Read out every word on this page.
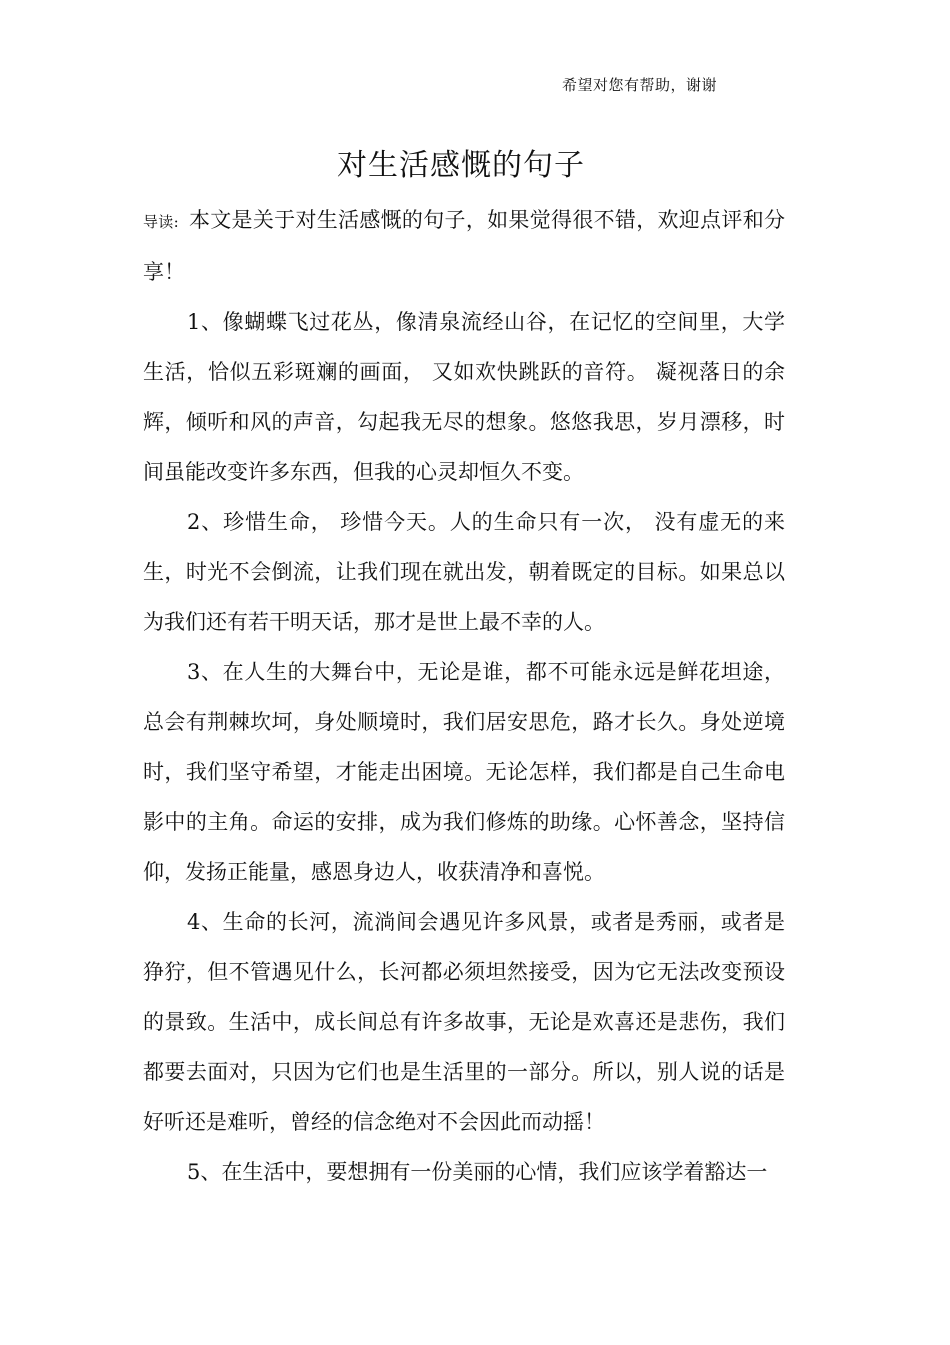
希望对您有帮助，谢谢
对生活感慨的句子

导读: 本文是关于对生活感慨的句子，如果觉得很不错，欢迎点评和分享！

1、像蝴蝶飞过花丛，像清泉流经山谷，在记忆的空间里，大学生活，恰似五彩斑斓的画面， 又如欢快跳跃的音符。 凝视落日的余辉，倾听和风的声音，勾起我无尽的想象。悠悠我思，岁月漂移，时间虽能改变许多东西，但我的心灵却恒久不变。

2、珍惜生命， 珍惜今天。人的生命只有一次， 没有虚无的来生，时光不会倒流，让我们现在就出发，朝着既定的目标。如果总以为我们还有若干明天话，那才是世上最不幸的人。

3、在人生的大舞台中，无论是谁，都不可能永远是鲜花坦途，总会有荆棘坎坷，身处顺境时，我们居安思危，路才长久。身处逆境时，我们坚守希望，才能走出困境。无论怎样，我们都是自己生命电影中的主角。命运的安排，成为我们修炼的助缘。心怀善念，坚持信仰，发扬正能量，感恩身边人，收获清净和喜悦。

4、生命的长河，流淌间会遇见许多风景，或者是秀丽，或者是狰狞，但不管遇见什么，长河都必须坦然接受，因为它无法改变预设的景致。生活中，成长间总有许多故事，无论是欢喜还是悲伤，我们都要去面对，只因为它们也是生活里的一部分。所以，别人说的话是好听还是难听，曾经的信念绝对不会因此而动摇！

5、在生活中，要想拥有一份美丽的心情，我们应该学着豁达一
